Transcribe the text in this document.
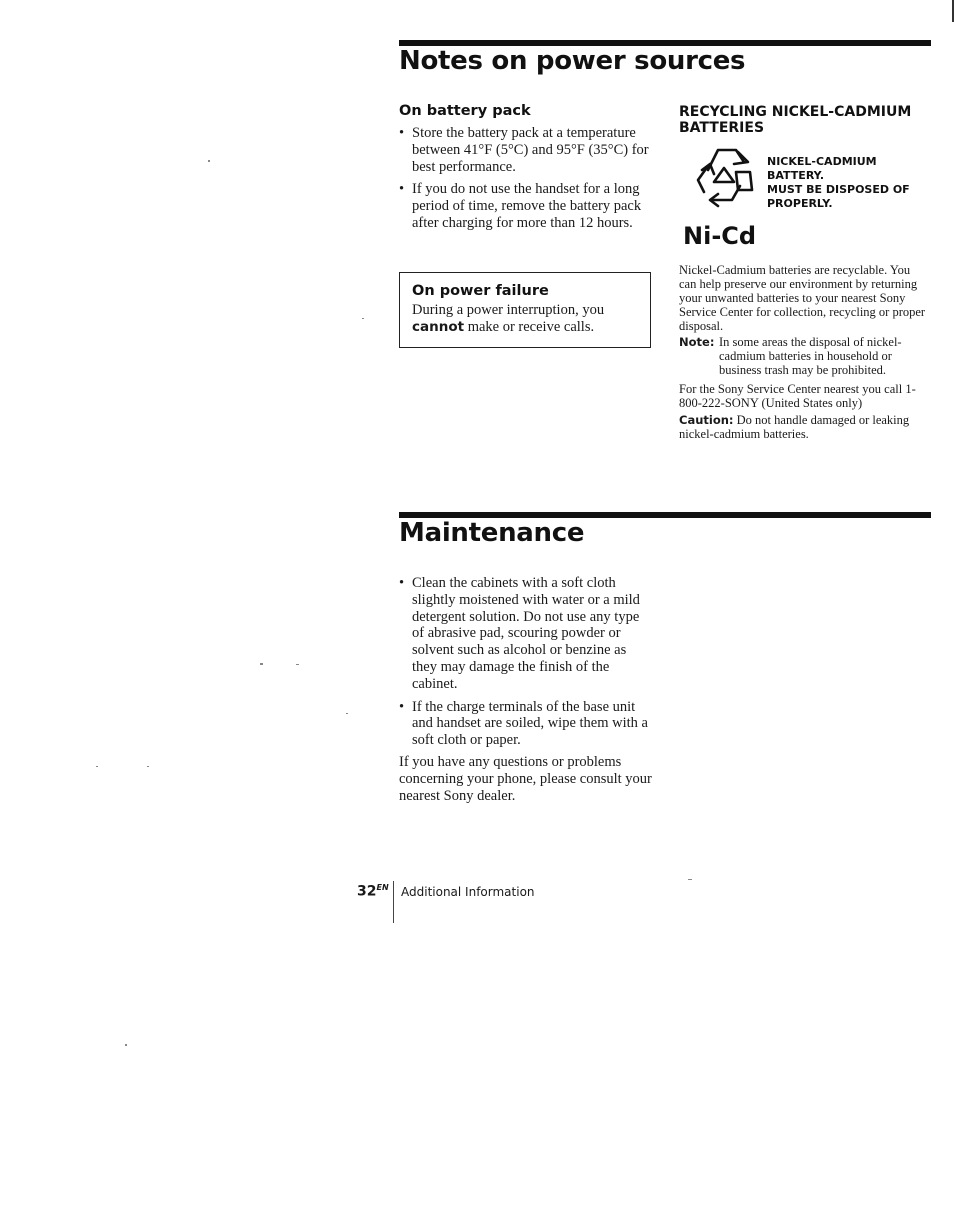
Notes on power sources
On battery pack
• Store the battery pack at a temperature between 41°F (5°C) and 95°F (35°C) for best performance.
• If you do not use the handset for a long period of time, remove the battery pack after charging for more than 12 hours.
On power failure

During a power interruption, you cannot make or receive calls.

RECYCLING NICKEL-CADMIUM BATTERIES
NICKEL-CADMIUM BATTERY.
MUST BE DISPOSED OF PROPERLY.

Ni-Cd

Nickel-Cadmium batteries are recyclable. You can help preserve our environment by returning your unwanted batteries to your nearest Sony Service Center for collection, recycling or proper disposal.

Note: In some areas the disposal of nickel-cadmium batteries in household or business trash may be prohibited.

For the Sony Service Center nearest you call 1-800-222-SONY (United States only)

Caution: Do not handle damaged or leaking nickel-cadmium batteries.

Maintenance
• Clean the cabinets with a soft cloth slightly moistened with water or a mild detergent solution. Do not use any type of abrasive pad, scouring powder or solvent such as alcohol or benzine as they may damage the finish of the cabinet.
• If the charge terminals of the base unit and handset are soiled, wipe them with a soft cloth or paper.

If you have any questions or problems concerning your phone, please consult your nearest Sony dealer.

$32^{EN}$ Additional Information
